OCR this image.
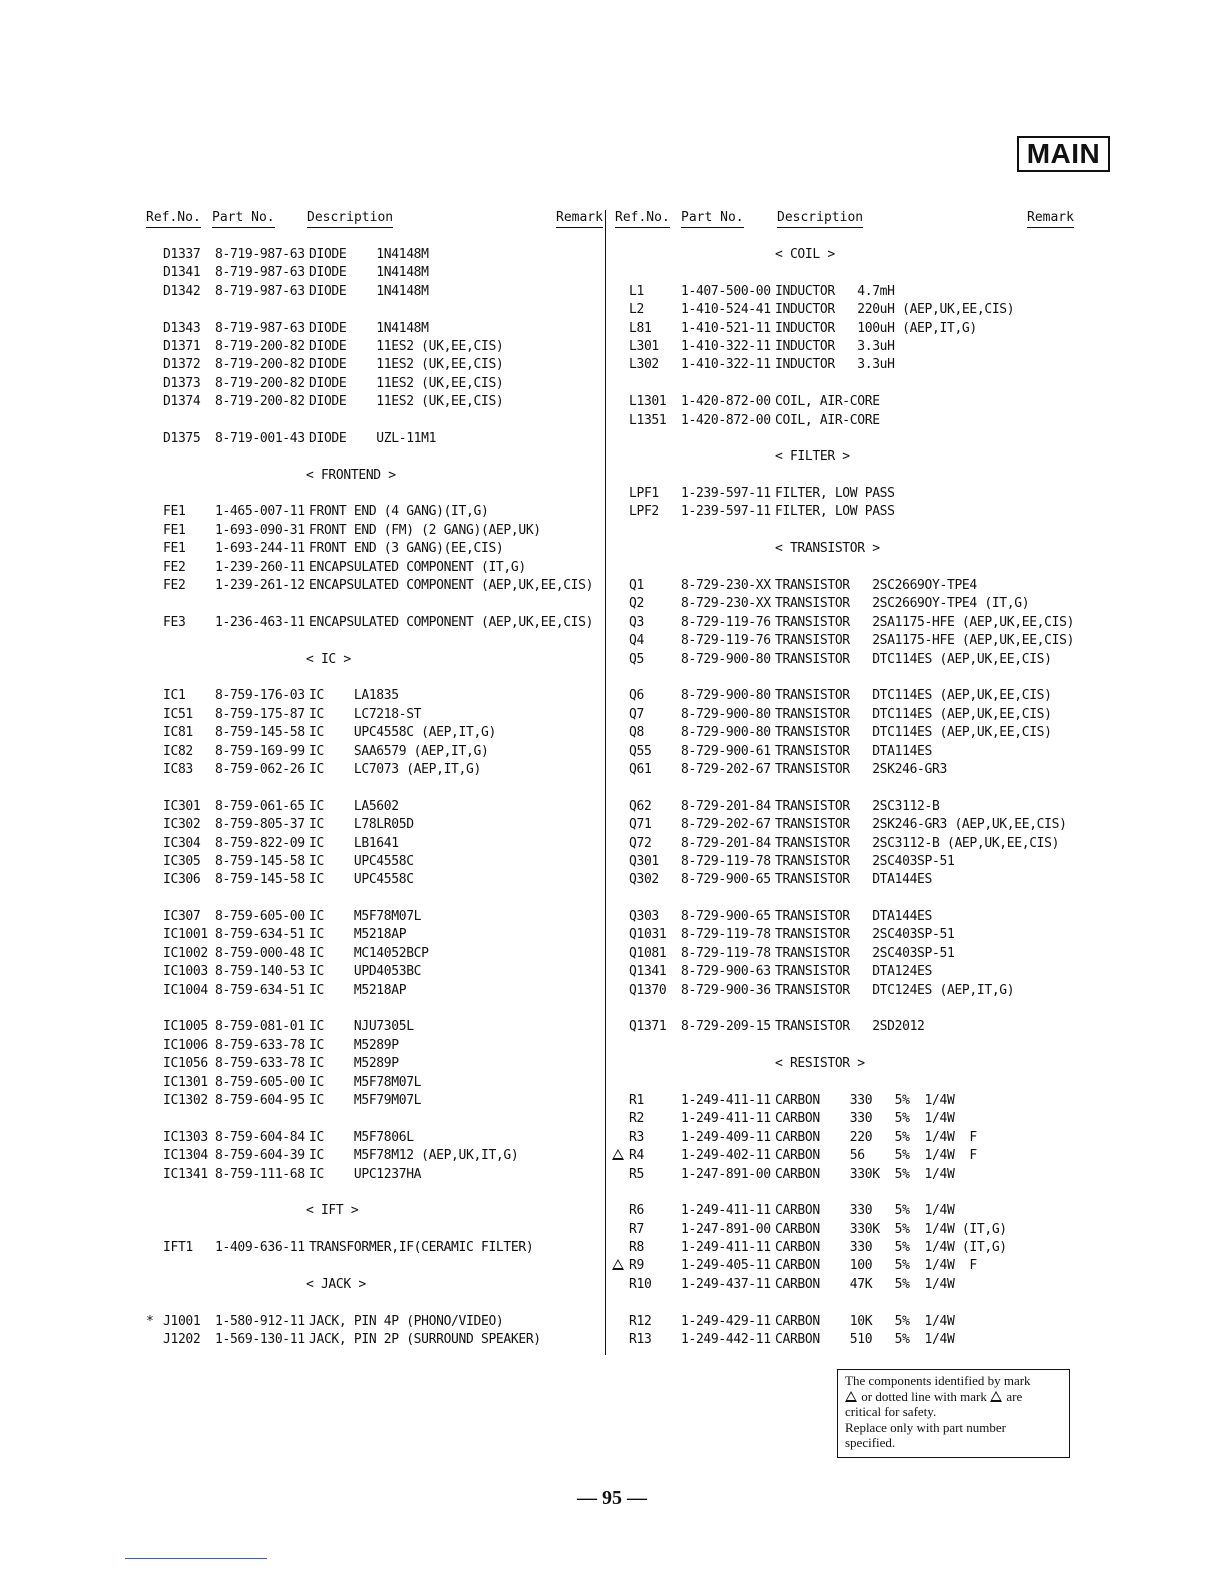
MAIN
Ref.No. Part No. Description	Remark Ref.No. Part No.	Description	Remark
D1337 8-719-987-63 DIODE    1N4148M
D1341 8-719-987-63 DIODE    1N4148M
D1342 8-719-987-63 DIODE    1N4148M
D1343 8-719-987-63 DIODE    1N4148M
D1371 8-719-200-82 DIODE    11ES2 (UK,EE,CIS)
D1372 8-719-200-82 DIODE    11ES2 (UK,EE,CIS)
D1373 8-719-200-82 DIODE    11ES2 (UK,EE,CIS)
D1374 8-719-200-82 DIODE    11ES2 (UK,EE,CIS)
D1375 8-719-001-43 DIODE    UZL-11M1
< FRONTEND >
FE1 1-465-007-11 FRONT END (4 GANG)(IT,G)
FE1 1-693-090-31 FRONT END (FM) (2 GANG)(AEP,UK)
FE1 1-693-244-11 FRONT END (3 GANG)(EE,CIS)
FE2 1-239-260-11 ENCAPSULATED COMPONENT (IT,G)
FE2 1-239-261-12 ENCAPSULATED COMPONENT (AEP,UK,EE,CIS)
FE3 1-236-463-11 ENCAPSULATED COMPONENT (AEP,UK,EE,CIS)
< IC >
IC1 8-759-176-03 IC    LA1835
IC51 8-759-175-87 IC    LC7218-ST
IC81 8-759-145-58 IC    UPC4558C (AEP,IT,G)
IC82 8-759-169-99 IC    SAA6579 (AEP,IT,G)
IC83 8-759-062-26 IC    LC7073 (AEP,IT,G)
IC301 8-759-061-65 IC    LA5602
IC302 8-759-805-37 IC    L78LR05D
IC304 8-759-822-09 IC    LB1641
IC305 8-759-145-58 IC    UPC4558C
IC306 8-759-145-58 IC    UPC4558C
IC307 8-759-605-00 IC    M5F78M07L
IC1001 8-759-634-51 IC    M5218AP
IC1002 8-759-000-48 IC    MC14052BCP
IC1003 8-759-140-53 IC    UPD4053BC
IC1004 8-759-634-51 IC    M5218AP
IC1005 8-759-081-01 IC    NJU7305L
IC1006 8-759-633-78 IC    M5289P
IC1056 8-759-633-78 IC    M5289P
IC1301 8-759-605-00 IC    M5F78M07L
IC1302 8-759-604-95 IC    M5F79M07L
IC1303 8-759-604-84 IC    M5F7806L
IC1304 8-759-604-39 IC    M5F78M12 (AEP,UK,IT,G)
IC1341 8-759-111-68 IC    UPC1237HA
< IFT >
IFT1 1-409-636-11 TRANSFORMER,IF(CERAMIC FILTER)
< JACK >
* J1001 1-580-912-11 JACK, PIN 4P (PHONO/VIDEO)
J1202 1-569-130-11 JACK, PIN 2P (SURROUND SPEAKER)
< COIL >
L1	1-407-500-00 INDUCTOR   4.7mH
L2	1-410-524-41 INDUCTOR   220uH (AEP,UK,EE,CIS)
L81 1-410-521-11 INDUCTOR   100uH (AEP,IT,G)
L301 1-410-322-11 INDUCTOR   3.3uH
L302 1-410-322-11 INDUCTOR   3.3uH
L1301 1-420-872-00 COIL, AIR-CORE
L1351 1-420-872-00 COIL, AIR-CORE
< FILTER >
LPF1 1-239-597-11 FILTER, LOW PASS
LPF2 1-239-597-11 FILTER, LOW PASS
< TRANSISTOR >
Q1	8-729-230-XX TRANSISTOR   2SC2669OY-TPE4
Q2	8-729-230-XX TRANSISTOR   2SC2669OY-TPE4 (IT,G)
Q3	8-729-119-76 TRANSISTOR   2SA1175-HFE (AEP,UK,EE,CIS)
Q4	8-729-119-76 TRANSISTOR   2SA1175-HFE (AEP,UK,EE,CIS)
Q5	8-729-900-80 TRANSISTOR   DTC114ES (AEP,UK,EE,CIS)
Q6	8-729-900-80 TRANSISTOR   DTC114ES (AEP,UK,EE,CIS)
Q7	8-729-900-80 TRANSISTOR   DTC114ES (AEP,UK,EE,CIS)
Q8	8-729-900-80 TRANSISTOR   DTC114ES (AEP,UK,EE,CIS)
Q55 8-729-900-61 TRANSISTOR   DTA114ES
Q61 8-729-202-67 TRANSISTOR   2SK246-GR3
Q62 8-729-201-84 TRANSISTOR   2SC3112-B
Q71 8-729-202-67 TRANSISTOR   2SK246-GR3 (AEP,UK,EE,CIS)
Q72 8-729-201-84 TRANSISTOR   2SC3112-B (AEP,UK,EE,CIS)
Q301 8-729-119-78 TRANSISTOR   2SC403SP-51
Q302 8-729-900-65 TRANSISTOR   DTA144ES
Q303 8-729-900-65 TRANSISTOR   DTA144ES
Q1031 8-729-119-78 TRANSISTOR   2SC403SP-51
Q1081 8-729-119-78 TRANSISTOR   2SC403SP-51
Q1341 8-729-900-63 TRANSISTOR   DTA124ES
Q1370 8-729-900-36 TRANSISTOR   DTC124ES (AEP,IT,G)
Q1371 8-729-209-15 TRANSISTOR   2SD2012
< RESISTOR >
R1	1-249-411-11 CARBON    330   5%  1/4W
R2	1-249-411-11 CARBON    330   5%  1/4W
R3	1-249-409-11 CARBON    220   5%  1/4W  F
R4	1-249-402-11 CARBON    56    5%  1/4W  F
R5	1-247-891-00 CARBON    330K  5%  1/4W
R6	1-249-411-11 CARBON    330   5%  1/4W
R7	1-247-891-00 CARBON    330K  5%  1/4W (IT,G)
R8	1-249-411-11 CARBON    330   5%  1/4W (IT,G)
R9	1-249-405-11 CARBON    100   5%  1/4W  F
R10 1-249-437-11 CARBON    47K   5%  1/4W
R12 1-249-429-11 CARBON    10K   5%  1/4W
R13 1-249-442-11 CARBON    510   5%  1/4W
The components identified by mark
or dotted line with mark are
critical for safety.
Replace only with part number
specified.
— 95 —
